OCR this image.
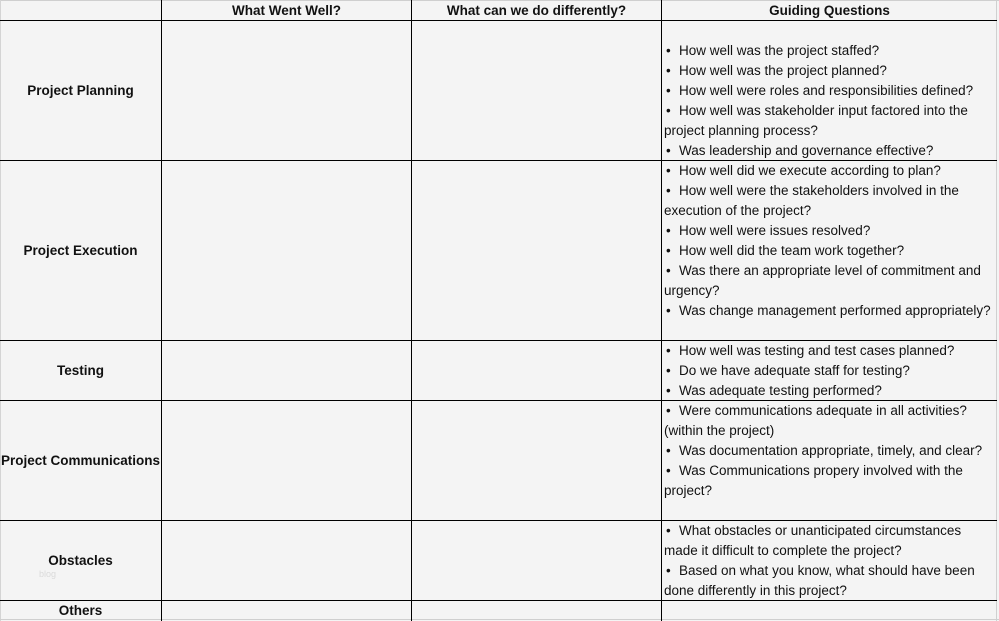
What Went Well?	What can we do differently?	Guiding Questions
Project Planning
Project Execution
Testing
Project Communications
Obstacles
Others
• How well was the project staffed?
• How well was the project planned?
• How well were roles and responsibilities defined?
• How well was stakeholder input factored into the project planning process?
• Was leadership and governance effective?
• How well did we execute according to plan?
• How well were the stakeholders involved in the execution of the project?
• How well were issues resolved?
• How well did the team work together?
• Was there an appropriate level of commitment and urgency?
• Was change management performed appropriately?
• How well was testing and test cases planned?
• Do we have adequate staff for testing?
• Was adequate testing performed?
• Were communications adequate in all activities? (within the project)
• Was documentation appropriate, timely, and clear?
• Was Communications propery involved with the project?
• What obstacles or unanticipated circumstances made it difficult to complete the project?
• Based on what you know, what should have been done differently in this project?
blog
